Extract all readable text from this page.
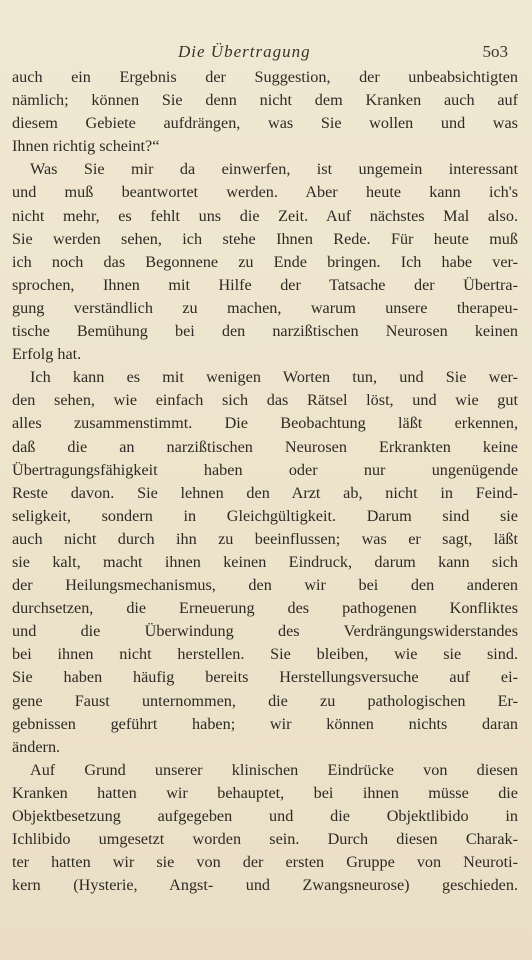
Die Übertragung	5o3
auch ein Ergebnis der Suggestion, der unbeabsichtigten
nämlich; können Sie denn nicht dem Kranken auch auf
diesem Gebiete aufdrängen, was Sie wollen und was
Ihnen richtig scheint?“
Was Sie mir da einwerfen, ist ungemein interessant
und muß beantwortet werden. Aber heute kann ich's
nicht mehr, es fehlt uns die Zeit. Auf nächstes Mal also.
Sie werden sehen, ich stehe Ihnen Rede. Für heute muß
ich noch das Begonnene zu Ende bringen. Ich habe ver-
sprochen, Ihnen mit Hilfe der Tatsache der Übertra-
gung verständlich zu machen, warum unsere therapeu-
tische Bemühung bei den narzißtischen Neurosen keinen
Erfolg hat.
Ich kann es mit wenigen Worten tun, und Sie wer-
den sehen, wie einfach sich das Rätsel löst, und wie gut
alles zusammenstimmt. Die Beobachtung läßt erkennen,
daß die an narzißtischen Neurosen Erkrankten keine
Übertragungsfähigkeit haben oder nur ungenügende
Reste davon. Sie lehnen den Arzt ab, nicht in Feind-
seligkeit, sondern in Gleichgültigkeit. Darum sind sie
auch nicht durch ihn zu beeinflussen; was er sagt, läßt
sie kalt, macht ihnen keinen Eindruck, darum kann sich
der Heilungsmechanismus, den wir bei den anderen
durchsetzen, die Erneuerung des pathogenen Konfliktes
und die Überwindung des Verdrängungswiderstandes
bei ihnen nicht herstellen. Sie bleiben, wie sie sind.
Sie haben häufig bereits Herstellungsversuche auf ei-
gene Faust unternommen, die zu pathologischen Er-
gebnissen geführt haben; wir können nichts daran
ändern.
Auf Grund unserer klinischen Eindrücke von diesen
Kranken hatten wir behauptet, bei ihnen müsse die
Objektbesetzung aufgegeben und die Objektlibido in
Ichlibido umgesetzt worden sein. Durch diesen Charak-
ter hatten wir sie von der ersten Gruppe von Neuroti-
kern (Hysterie, Angst- und Zwangsneurose) geschieden.
